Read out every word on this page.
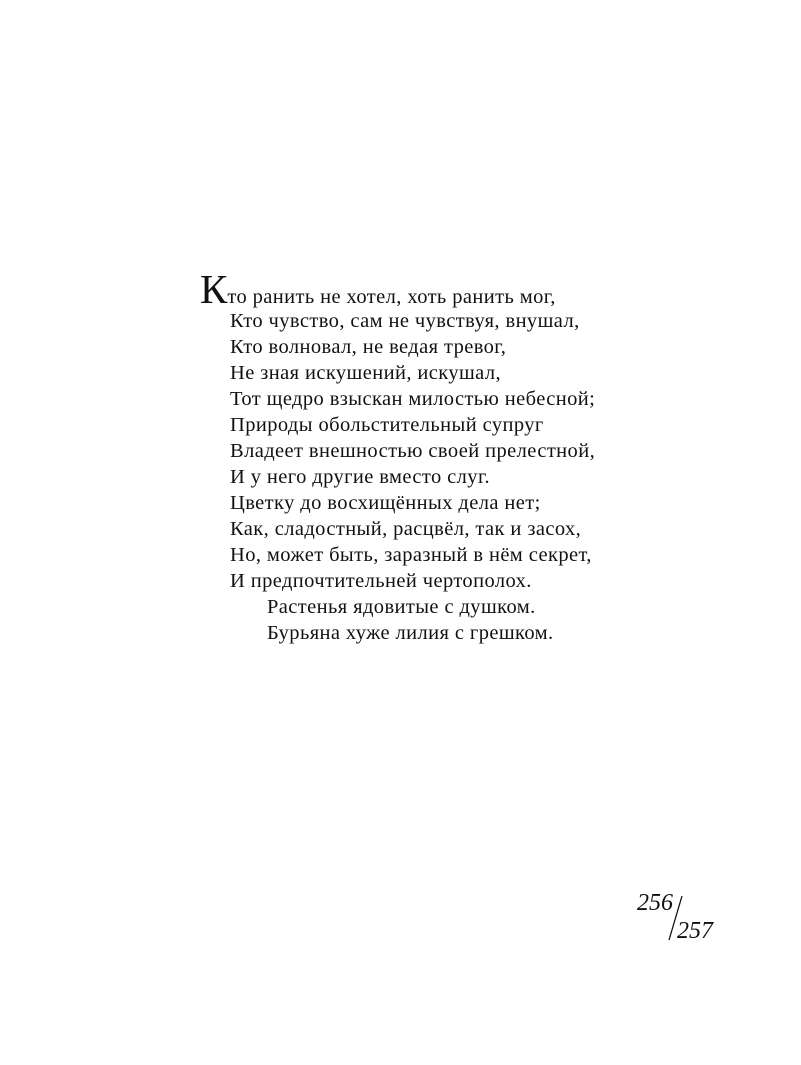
Кто ранить не хотел, хоть ранить мог,
Кто чувство, сам не чувствуя, внушал,
Кто волновал, не ведая тревог,
Не зная искушений, искушал,
Тот щедро взыскан милостью небесной;
Природы обольстительный супруг
Владеет внешностью своей прелестной,
И у него другие вместо слуг.
Цветку до восхищённых дела нет;
Как, сладостный, расцвёл, так и засох,
Но, может быть, заразный в нём секрет,
И предпочтительней чертополох.
Растенья ядовитые с душком.
Бурьяна хуже лилия с грешком.
256
257
